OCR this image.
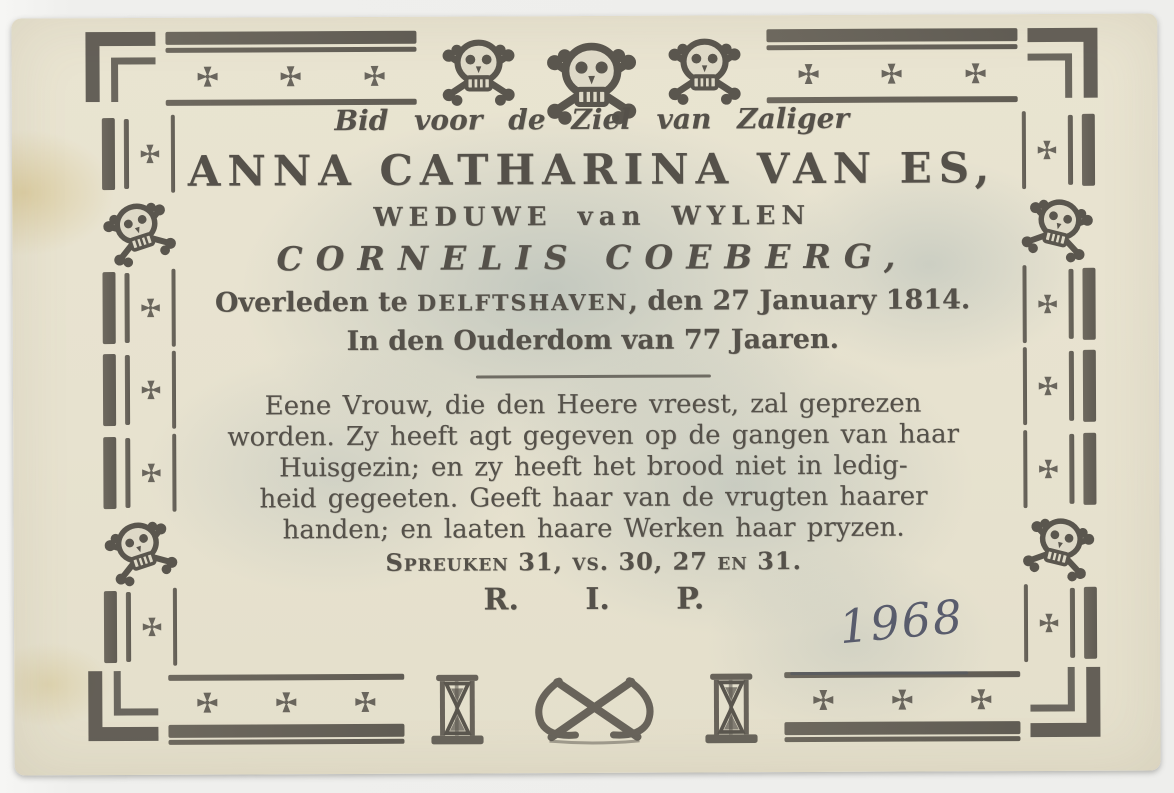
Bid voor de Ziel van Zaliger
ANNA CATHARINA VAN ES,
WEDUWE van WYLEN
CORNELIS COEBERG,
Overleden te DELFTSHAVEN, den 27 January 1814.
In den Ouderdom van 77 Jaaren.
Eene Vrouw, die den Heere vreest, zal geprezen
worden. Zy heeft agt gegeven op de gangen van haar
Huisgezin; en zy heeft het brood niet in ledig-
heid gegeeten. Geeft haar van de vrugten haarer
handen; en laaten haare Werken haar pryzen.
Spreuken 31, vs. 30, 27 en 31.
R. I. P.	1968
